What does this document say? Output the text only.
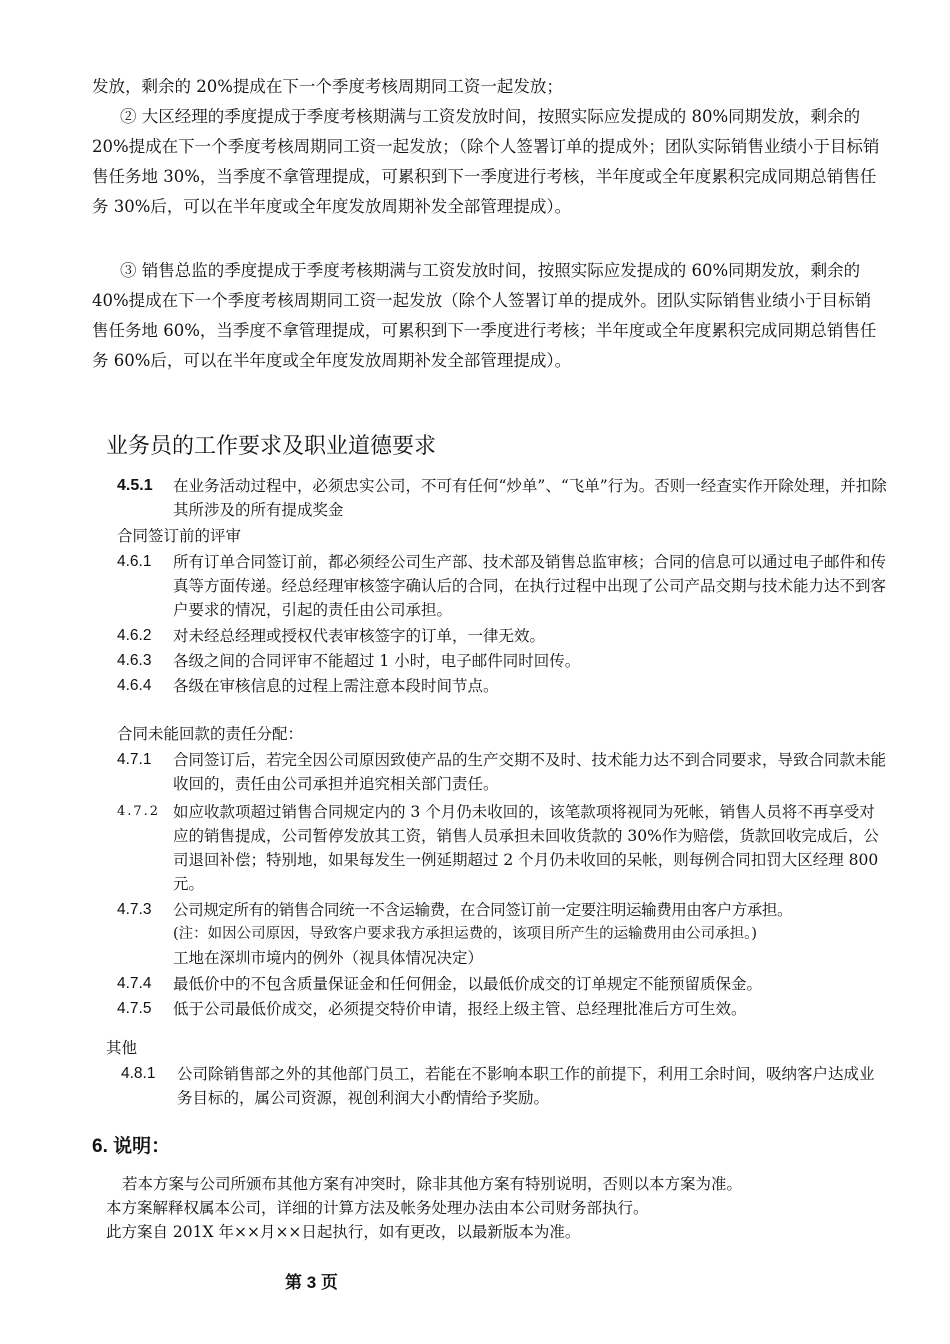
发放，剩余的 20%提成在下一个季度考核周期同工资一起发放；
② 大区经理的季度提成于季度考核期满与工资发放时间，按照实际应发提成的 80%同期发放，剩余的 20%提成在下一个季度考核周期同工资一起发放；（除个人签署订单的提成外；团队实际销售业绩小于目标销售任务地 30%，当季度不拿管理提成，可累积到下一季度进行考核，半年度或全年度累积完成同期总销售任务 30%后，可以在半年度或全年度发放周期补发全部管理提成）。
③ 销售总监的季度提成于季度考核期满与工资发放时间，按照实际应发提成的 60%同期发放，剩余的 40%提成在下一个季度考核周期同工资一起发放（除个人签署订单的提成外。团队实际销售业绩小于目标销售任务地 60%，当季度不拿管理提成，可累积到下一季度进行考核；半年度或全年度累积完成同期总销售任务 60%后，可以在半年度或全年度发放周期补发全部管理提成）。
业务员的工作要求及职业道德要求
4.5.1	在业务活动过程中，必须忠实公司，不可有任何“炒单”、“飞单”行为。否则一经查实作开除处理，并扣除其所涉及的所有提成奖金
合同签订前的评审
4.6.1	所有订单合同签订前，都必须经公司生产部、技术部及销售总监审核；合同的信息可以通过电子邮件和传真等方面传递。经总经理审核签字确认后的合同，在执行过程中出现了公司产品交期与技术能力达不到客户要求的情况，引起的责任由公司承担。
4.6.2	对未经总经理或授权代表审核签字的订单，一律无效。
4.6.3	各级之间的合同评审不能超过 1 小时，电子邮件同时回传。
4.6.4	各级在审核信息的过程上需注意本段时间节点。
合同未能回款的责任分配：
4.7.1	合同签订后，若完全因公司原因致使产品的生产交期不及时、技术能力达不到合同要求，导致合同款未能收回的，责任由公司承担并追究相关部门责任。
4.7.2 如应收款项超过销售合同规定内的 3 个月仍未收回的，该笔款项将视同为死帐，销售人员将不再享受对应的销售提成，公司暂停发放其工资，销售人员承担未回收货款的 30%作为赔偿，货款回收完成后，公司退回补偿；特别地，如果每发生一例延期超过 2 个月仍未收回的呆帐，则每例合同扣罚大区经理 800 元。
4.7.3	公司规定所有的销售合同统一不含运输费，在合同签订前一定要注明运输费用由客户方承担。
(注：如因公司原因，导致客户要求我方承担运费的，该项目所产生的运输费用由公司承担。)
工地在深圳市境内的例外（视具体情况决定）
4.7.4	最低价中的不包含质量保证金和任何佣金，以最低价成交的订单规定不能预留质保金。
4.7.5	低于公司最低价成交，必须提交特价申请，报经上级主管、总经理批准后方可生效。
其他
4.8.1	公司除销售部之外的其他部门员工，若能在不影响本职工作的前提下，利用工余时间，吸纳客户达成业务目标的，属公司资源，视创利润大小酌情给予奖励。
6. 说明：
若本方案与公司所颁布其他方案有冲突时，除非其他方案有特别说明，否则以本方案为准。
本方案解释权属本公司，详细的计算方法及帐务处理办法由本公司财务部执行。
此方案自 201X 年××月××日起执行，如有更改，以最新版本为准。
第 3 页
